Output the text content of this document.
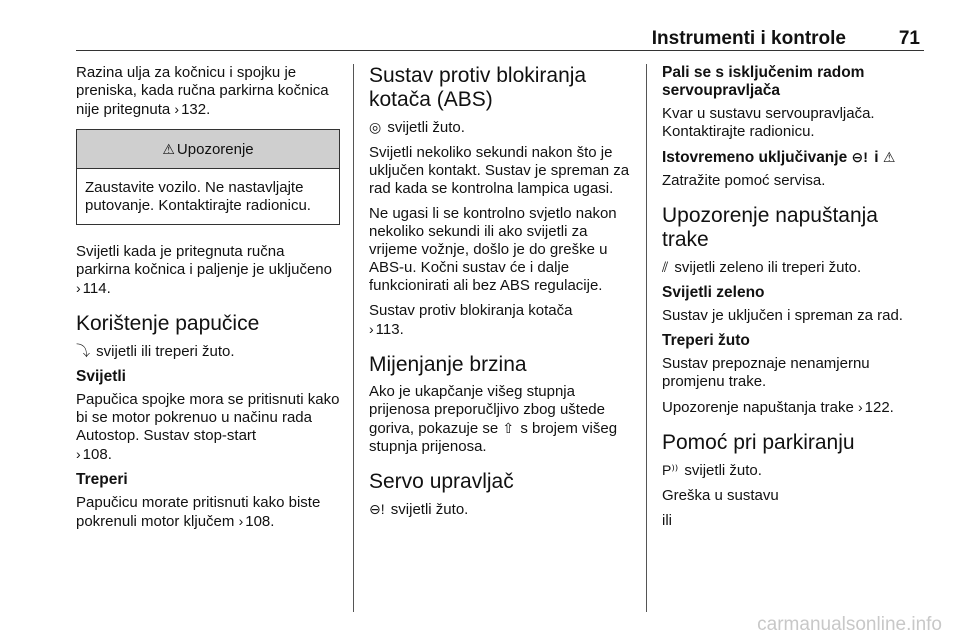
Instrumenti i kontrole	71

Razina ulja za kočnicu i spojku je preniska, kada ručna parkirna kočnica nije pritegnuta › 132.

⚠ Upozorenje
Zaustavite vozilo. Ne nastavljajte putovanje. Kontaktirajte radionicu.

Svijetli kada je pritegnuta ručna parkirna kočnica i paljenje je uključeno › 114.

Korištenje papučice

⤵ svijetli ili treperi žuto.

Svijetli

Papučica spojke mora se pritisnuti kako bi se motor pokrenuo u načinu rada Autostop. Sustav stop-start
› 108.

Treperi

Papučicu morate pritisnuti kako biste pokrenuli motor ključem › 108.

Sustav protiv blokiranja kotača (ABS)

◎ svijetli žuto.

Svijetli nekoliko sekundi nakon što je uključen kontakt. Sustav je spreman za rad kada se kontrolna lampica ugasi.

Ne ugasi li se kontrolno svjetlo nakon nekoliko sekundi ili ako svijetli za vrijeme vožnje, došlo je do greške u ABS-u. Kočni sustav će i dalje funkcionirati ali bez ABS regulacije.

Sustav protiv blokiranja kotača
› 113.

Mijenjanje brzina

Ako je ukapčanje višeg stupnja prijenosa preporučljivo zbog uštede goriva, pokazuje se ⇧ s brojem višeg stupnja prijenosa.

Servo upravljač

⊖! svijetli žuto.

Pali se s isključenim radom servoupravljača

Kvar u sustavu servoupravljača. Kontaktirajte radionicu.

Istovremeno uključivanje ⊖! i ⚠

Zatražite pomoć servisa.

Upozorenje napuštanja trake

⫽ svijetli zeleno ili treperi žuto.

Svijetli zeleno

Sustav je uključen i spreman za rad.

Treperi žuto

Sustav prepoznaje nenamjernu promjenu trake.

Upozorenje napuštanja trake › 122.

Pomoć pri parkiranju

P⁾⁾ svijetli žuto.

Greška u sustavu

ili

carmanualsonline.info
